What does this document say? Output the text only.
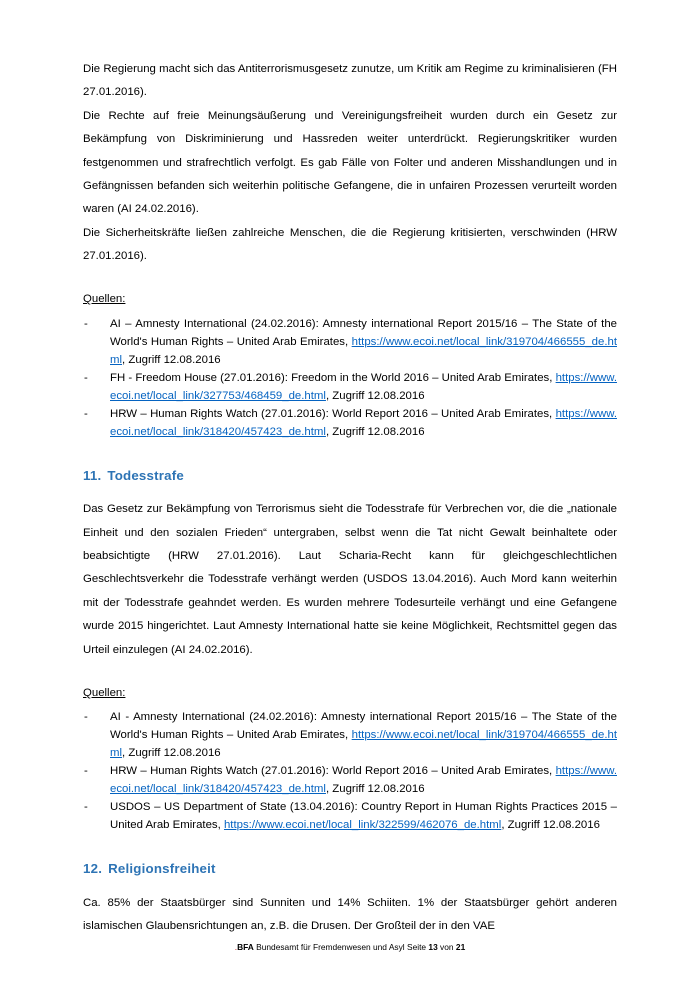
Die Regierung macht sich das Antiterrorismusgesetz zunutze, um Kritik am Regime zu kriminalisieren (FH 27.01.2016).

Die Rechte auf freie Meinungsäußerung und Vereinigungsfreiheit wurden durch ein Gesetz zur Bekämpfung von Diskriminierung und Hassreden weiter unterdrückt. Regierungskritiker wurden festgenommen und strafrechtlich verfolgt. Es gab Fälle von Folter und anderen Misshandlungen und in Gefängnissen befanden sich weiterhin politische Gefangene, die in unfairen Prozessen verurteilt worden waren (AI 24.02.2016).

Die Sicherheitskräfte ließen zahlreiche Menschen, die die Regierung kritisierten, verschwinden (HRW 27.01.2016).

Quellen:
- AI – Amnesty International (24.02.2016): Amnesty international Report 2015/16 – The State of the World's Human Rights – United Arab Emirates, https://www.ecoi.net/local_link/319704/466555_de.html, Zugriff 12.08.2016
- FH - Freedom House (27.01.2016): Freedom in the World 2016 – United Arab Emirates, https://www.ecoi.net/local_link/327753/468459_de.html, Zugriff 12.08.2016
- HRW – Human Rights Watch (27.01.2016): World Report 2016 – United Arab Emirates, https://www.ecoi.net/local_link/318420/457423_de.html, Zugriff 12.08.2016
11. Todesstrafe

Das Gesetz zur Bekämpfung von Terrorismus sieht die Todesstrafe für Verbrechen vor, die die „nationale Einheit und den sozialen Frieden“ untergraben, selbst wenn die Tat nicht Gewalt beinhaltete oder beabsichtigte (HRW 27.01.2016). Laut Scharia-Recht kann für gleichgeschlechtlichen Geschlechtsverkehr die Todesstrafe verhängt werden (USDOS 13.04.2016). Auch Mord kann weiterhin mit der Todesstrafe geahndet werden. Es wurden mehrere Todesurteile verhängt und eine Gefangene wurde 2015 hingerichtet. Laut Amnesty International hatte sie keine Möglichkeit, Rechtsmittel gegen das Urteil einzulegen (AI 24.02.2016).

Quellen:
- AI - Amnesty International (24.02.2016): Amnesty international Report 2015/16 – The State of the World's Human Rights – United Arab Emirates, https://www.ecoi.net/local_link/319704/466555_de.html, Zugriff 12.08.2016
- HRW – Human Rights Watch (27.01.2016): World Report 2016 – United Arab Emirates, https://www.ecoi.net/local_link/318420/457423_de.html, Zugriff 12.08.2016
- USDOS – US Department of State (13.04.2016): Country Report in Human Rights Practices 2015 – United Arab Emirates, https://www.ecoi.net/local_link/322599/462076_de.html, Zugriff 12.08.2016
12. Religionsfreiheit

Ca. 85% der Staatsbürger sind Sunniten und 14% Schiiten. 1% der Staatsbürger gehört anderen islamischen Glaubensrichtungen an, z.B. die Drusen. Der Großteil der in den VAE

.BFA Bundesamt für Fremdenwesen und Asyl Seite 13 von 21
